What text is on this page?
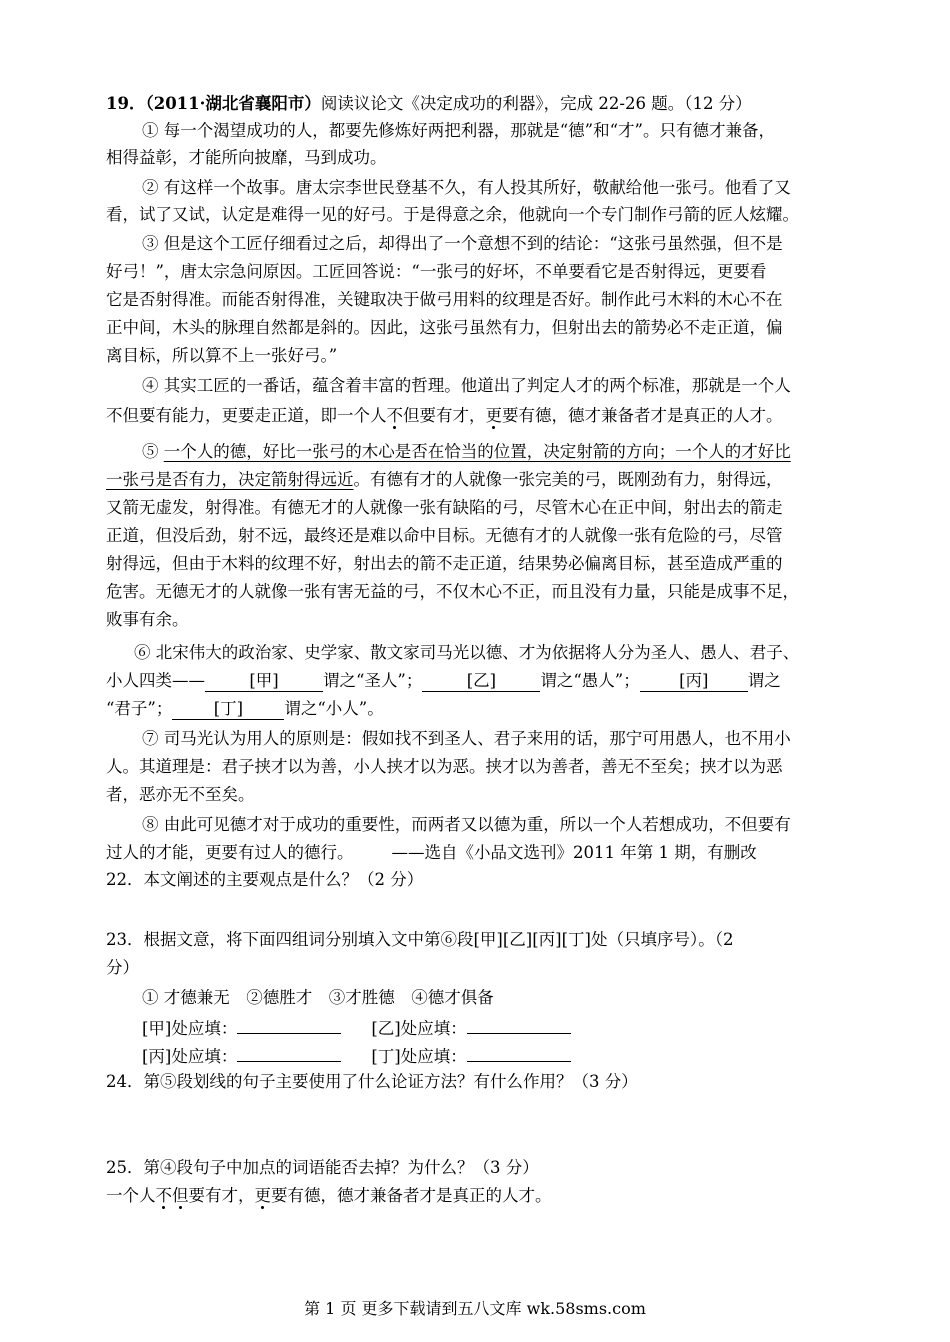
19．（2011·湖北省襄阳市）阅读议论文《决定成功的利器》，完成 22-26 题。（12 分）
① 每一个渴望成功的人，都要先修炼好两把利器，那就是“德”和“才”。只有德才兼备，
相得益彰，才能所向披靡，马到成功。
② 有这样一个故事。唐太宗李世民登基不久，有人投其所好，敬献给他一张弓。他看了又
看，试了又试，认定是难得一见的好弓。于是得意之余，他就向一个专门制作弓箭的匠人炫耀。
③ 但是这个工匠仔细看过之后，却得出了一个意想不到的结论：“这张弓虽然强，但不是
好弓！”，唐太宗急问原因。工匠回答说：“一张弓的好坏，不单要看它是否射得远，更要看
它是否射得准。而能否射得准，关键取决于做弓用料的纹理是否好。制作此弓木料的木心不在
正中间，木头的脉理自然都是斜的。因此，这张弓虽然有力，但射出去的箭势必不走正道，偏
离目标，所以算不上一张好弓。”
④ 其实工匠的一番话，蕴含着丰富的哲理。他道出了判定人才的两个标准，那就是一个人
不但要有能力，更要走正道，即一个人不但要有才，更要有德，德才兼备者才是真正的人才。
⑤ 一个人的德，好比一张弓的木心是否在恰当的位置，决定射箭的方向；一个人的才好比
一张弓是否有力，决定箭射得远近。有德有才的人就像一张完美的弓，既刚劲有力，射得远，
又箭无虚发，射得准。有德无才的人就像一张有缺陷的弓，尽管木心在正中间，射出去的箭走
正道，但没后劲，射不远，最终还是难以命中目标。无德有才的人就像一张有危险的弓，尽管
射得远，但由于木料的纹理不好，射出去的箭不走正道，结果势必偏离目标，甚至造成严重的
危害。无德无才的人就像一张有害无益的弓，不仅木心不正，而且没有力量，只能是成事不足，
败事有余。
⑥ 北宋伟大的政治家、史学家、散文家司马光以德、才为依据将人分为圣人、愚人、君子、
小人四类——	[甲]	谓之“圣人”；	[乙]	谓之“愚人”； [丙] 谓之
“君子”；	[丁]	谓之“小人”。
⑦ 司马光认为用人的原则是：假如找不到圣人、君子来用的话，那宁可用愚人，也不用小
人。其道理是：君子挟才以为善，小人挟才以为恶。挟才以为善者，善无不至矣；挟才以为恶
者，恶亦无不至矣。
⑧ 由此可见德才对于成功的重要性，而两者又以德为重，所以一个人若想成功，不但要有
过人的才能，更要有过人的德行。 ——选自《小品文选刊》2011 年第 1 期，有删改
22．本文阐述的主要观点是什么？（2 分）
23．根据文意，将下面四组词分别填入文中第⑥段[甲][乙][丙][丁]处（只填序号）。（2
分）
① 才德兼无　②德胜才　③才胜德　④德才俱备
[甲]处应填：	[乙]处应填：
[丙]处应填：	[丁]处应填：
24．第⑤段划线的句子主要使用了什么论证方法？有什么作用？（3 分）
25．第④段句子中加点的词语能否去掉？为什么？（3 分）
一个人不但要有才，更要有德，德才兼备者才是真正的人才。
第 1 页 更多下载请到五八文库 wk.58sms.com
